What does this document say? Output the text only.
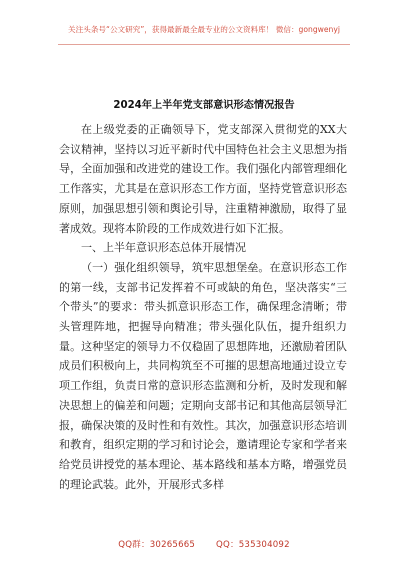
关注头条号“公文研究”，获得最新最全最专业的公文资料库！ 微信：gongwenyj
2024年上半年党支部意识形态情况报告

在上级党委的正确领导下，党支部深入贯彻党的XX大会议精神，坚持以习近平新时代中国特色社会主义思想为指导，全面加强和改进党的建设工作。我们强化内部管理细化工作落实，尤其是在意识形态工作方面，坚持党管意识形态原则，加强思想引领和舆论引导，注重精神激励，取得了显著成效。现将本阶段的工作成效进行如下汇报。

一、上半年意识形态总体开展情况

（一）强化组织领导，筑牢思想堡垒。在意识形态工作的第一线，支部书记发挥着不可或缺的角色，坚决落实“三个带头”的要求：带头抓意识形态工作，确保理念清晰；带头管理阵地，把握导向精准；带头强化队伍，提升组织力量。这种坚定的领导力不仅稳固了思想阵地，还激励着团队成员们积极向上，共同构筑至不可摧的思想高地通过设立专项工作组，负责日常的意识形态监测和分析，及时发现和解决思想上的偏差和问题；定期向支部书记和其他高层领导汇报，确保决策的及时性和有效性。其次，加强意识形态培训和教育，组织定期的学习和讨论会，邀请理论专家和学者来给党员讲授党的基本理论、基本路线和基本方略，增强党员的理论武装。此外，开展形式多样

QQ群：30265665 QQ：535304092
